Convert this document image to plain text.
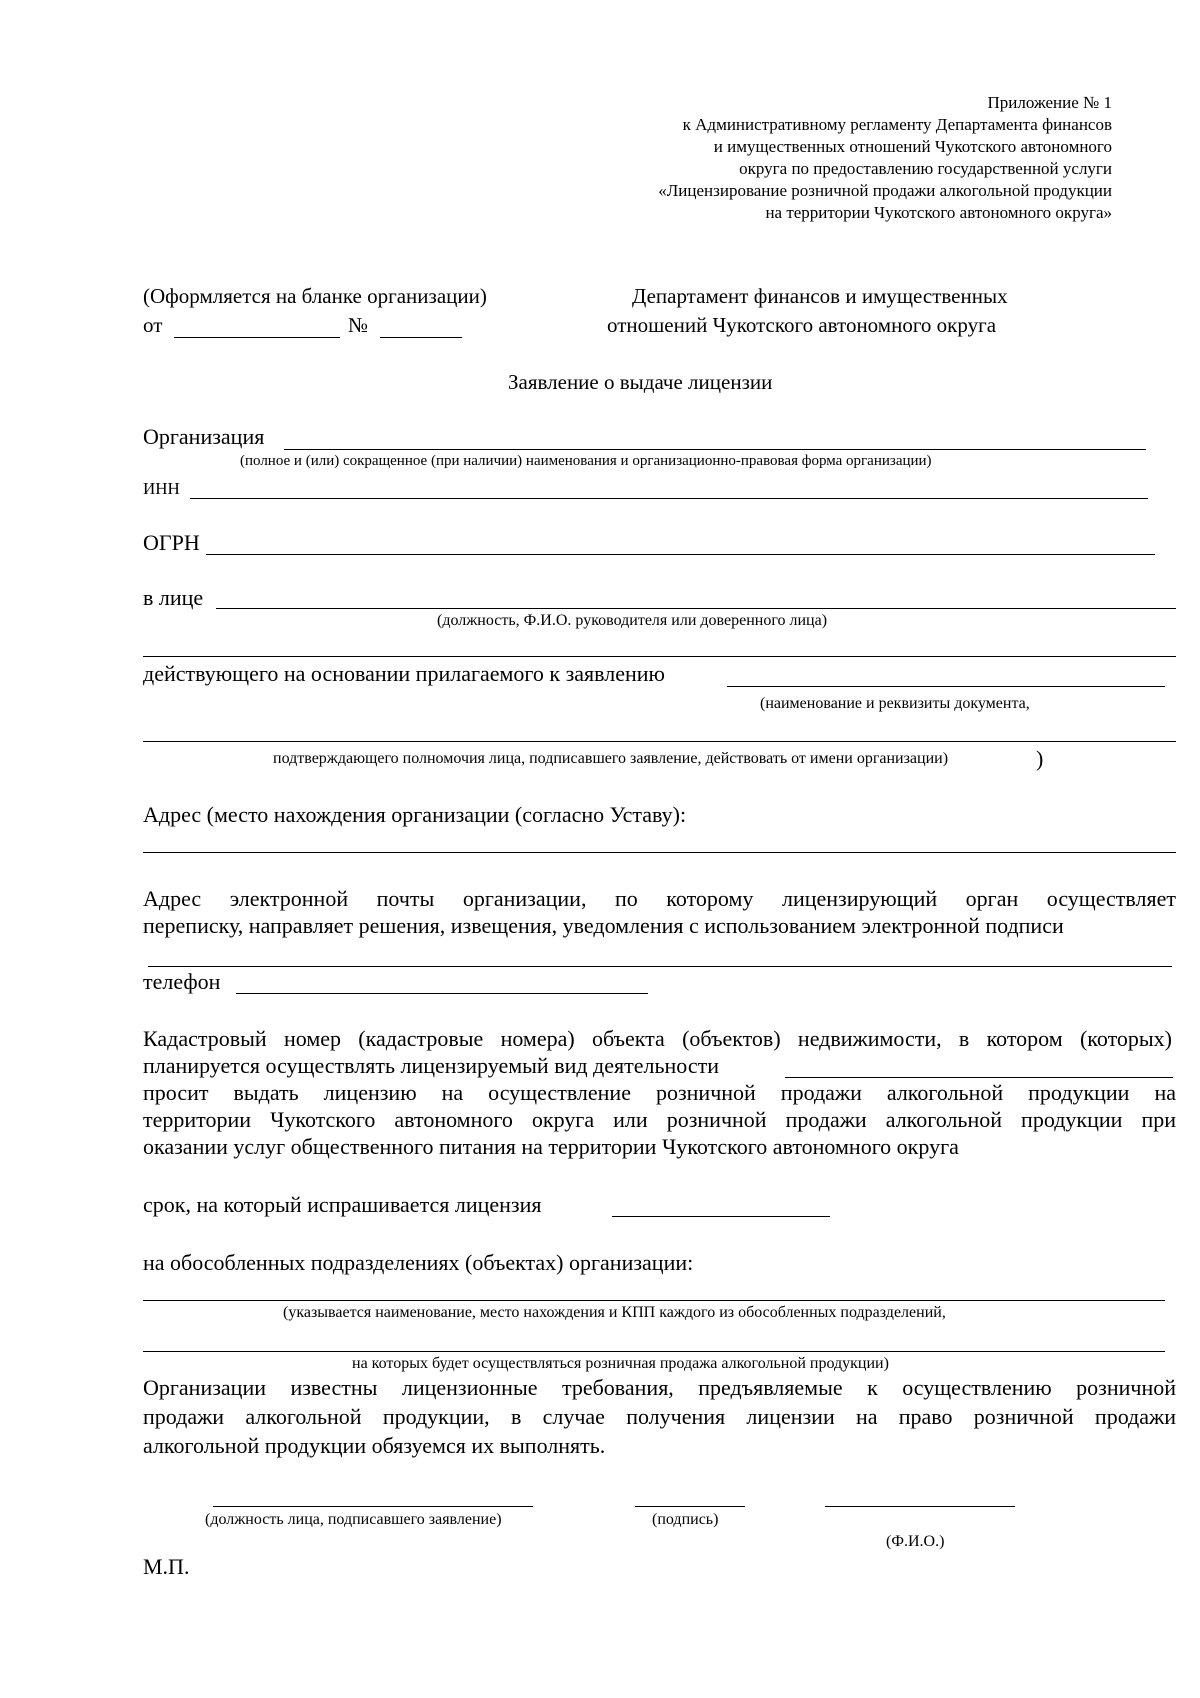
Приложение № 1
к Административному регламенту Департамента финансов
и имущественных отношений Чукотского автономного
округа по предоставлению государственной услуги
«Лицензирование розничной продажи алкогольной продукции
на территории Чукотского автономного округа»
(Оформляется на бланке организации)
от	№
Департамент финансов и имущественных
отношений Чукотского автономного округа
Заявление о выдаче лицензии
Организация
(полное и (или) сокращенное (при наличии) наименования и организационно-правовая форма организации)
ИНН
ОГРН
в лице
(должность, Ф.И.О. руководителя или доверенного лица)
действующего на основании прилагаемого к заявлению
(наименование и реквизиты документа,
подтверждающего полномочия лица, подписавшего заявление, действовать от имени организации)	)
Адрес (место нахождения организации (согласно Уставу):
Адрес электронной почты организации, по которому лицензирующий орган осуществляет
переписку, направляет решения, извещения, уведомления с использованием электронной подписи
телефон
Кадастровый номер (кадастровые номера) объекта (объектов) недвижимости, в котором (которых)
планируется осуществлять лицензируемый вид деятельности
просит выдать лицензию на осуществление розничной продажи алкогольной продукции на
территории Чукотского автономного округа или розничной продажи алкогольной продукции при
оказании услуг общественного питания на территории Чукотского автономного округа
срок, на который испрашивается лицензия
на обособленных подразделениях (объектах) организации:
(указывается наименование, место нахождения и КПП каждого из обособленных подразделений,
на которых будет осуществляться розничная продажа алкогольной продукции)
Организации известны лицензионные требования, предъявляемые к осуществлению розничной
продажи алкогольной продукции, в случае получения лицензии на право розничной продажи
алкогольной продукции обязуемся их выполнять.
(должность лица, подписавшего заявление)	(подпись)
(Ф.И.О.)
М.П.
